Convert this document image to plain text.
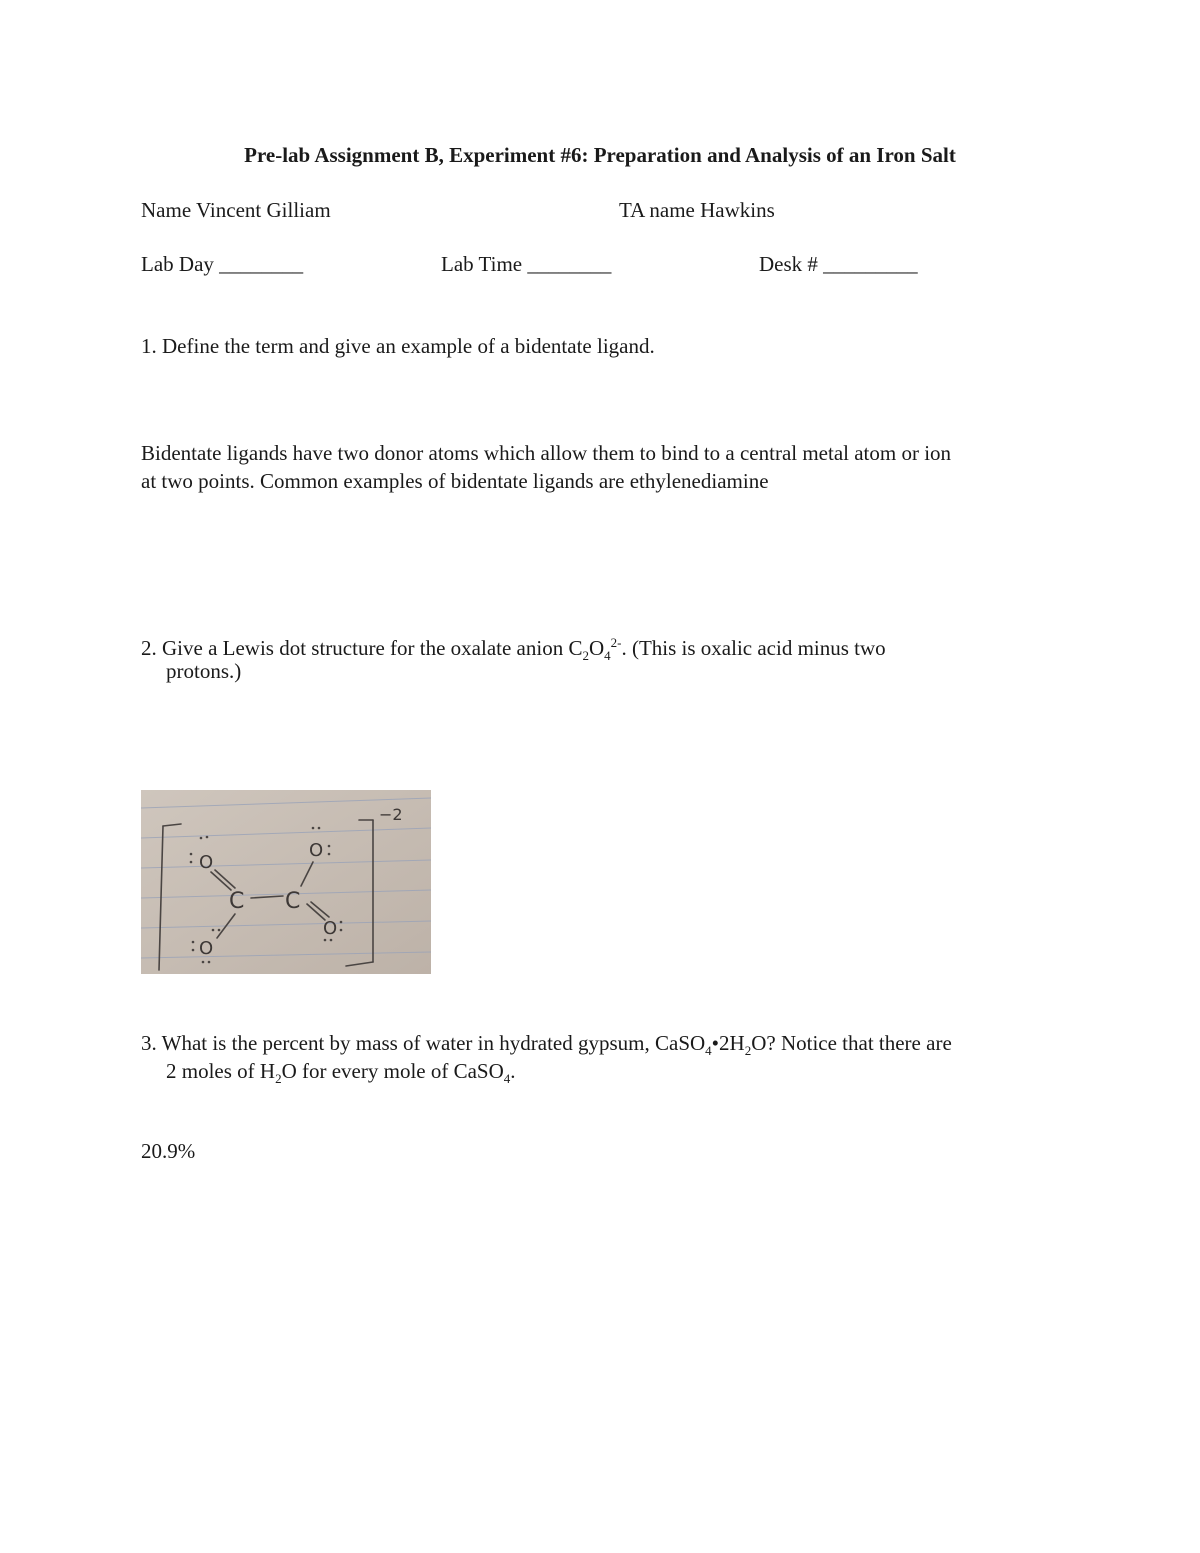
Pre-lab Assignment B, Experiment #6: Preparation and Analysis of an Iron Salt
Name Vincent Gilliam	TA name Hawkins
Lab Day ________	Lab Time ________	Desk # _________
1. Define the term and give an example of a bidentate ligand.
Bidentate ligands have two donor atoms which allow them to bind to a central metal atom or ion
at two points. Common examples of bidentate ligands are ethylenediamine
2. Give a Lewis dot structure for the oxalate anion $C_2O_4^{2-}$. (This is oxalic acid minus two
protons.)
−2
O
O
C C
O
O
3. What is the percent by mass of water in hydrated gypsum, $CaSO_4•2H_2O$? Notice that there are
2 moles of $H_2O$ for every mole of CaSO$_4$.
20.9%
